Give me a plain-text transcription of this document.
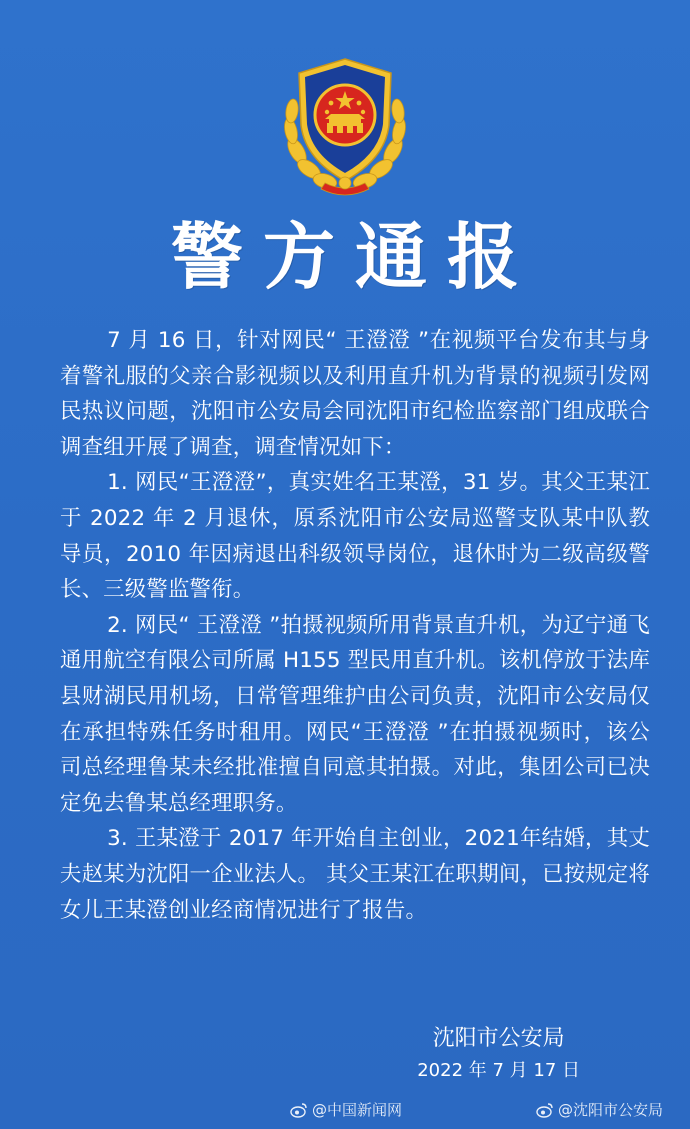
警方通报

7 月 16 日，针对网民“ 王澄澄 ”在视频平台发布其与身着警礼服的父亲合影视频以及利用直升机为背景的视频引发网民热议问题，沈阳市公安局会同沈阳市纪检监察部门组成联合调查组开展了调查，调查情况如下：

1. 网民“王澄澄”，真实姓名王某澄，31 岁。其父王某江于 2022 年 2 月退休，原系沈阳市公安局巡警支队某中队教导员，2010 年因病退出科级领导岗位，退休时为二级高级警长、三级警监警衔。

2. 网民“ 王澄澄 ”拍摄视频所用背景直升机，为辽宁通飞通用航空有限公司所属 H155 型民用直升机。该机停放于法库县财湖民用机场，日常管理维护由公司负责，沈阳市公安局仅在承担特殊任务时租用。网民“王澄澄 ”在拍摄视频时，该公司总经理鲁某未经批准擅自同意其拍摄。对此，集团公司已决定免去鲁某总经理职务。

3. 王某澄于 2017 年开始自主创业，2021年结婚，其丈夫赵某为沈阳一企业法人。 其父王某江在职期间，已按规定将女儿王某澄创业经商情况进行了报告。

沈阳市公安局
2022 年 7 月 17 日
@中国新闻网	@沈阳市公安局
